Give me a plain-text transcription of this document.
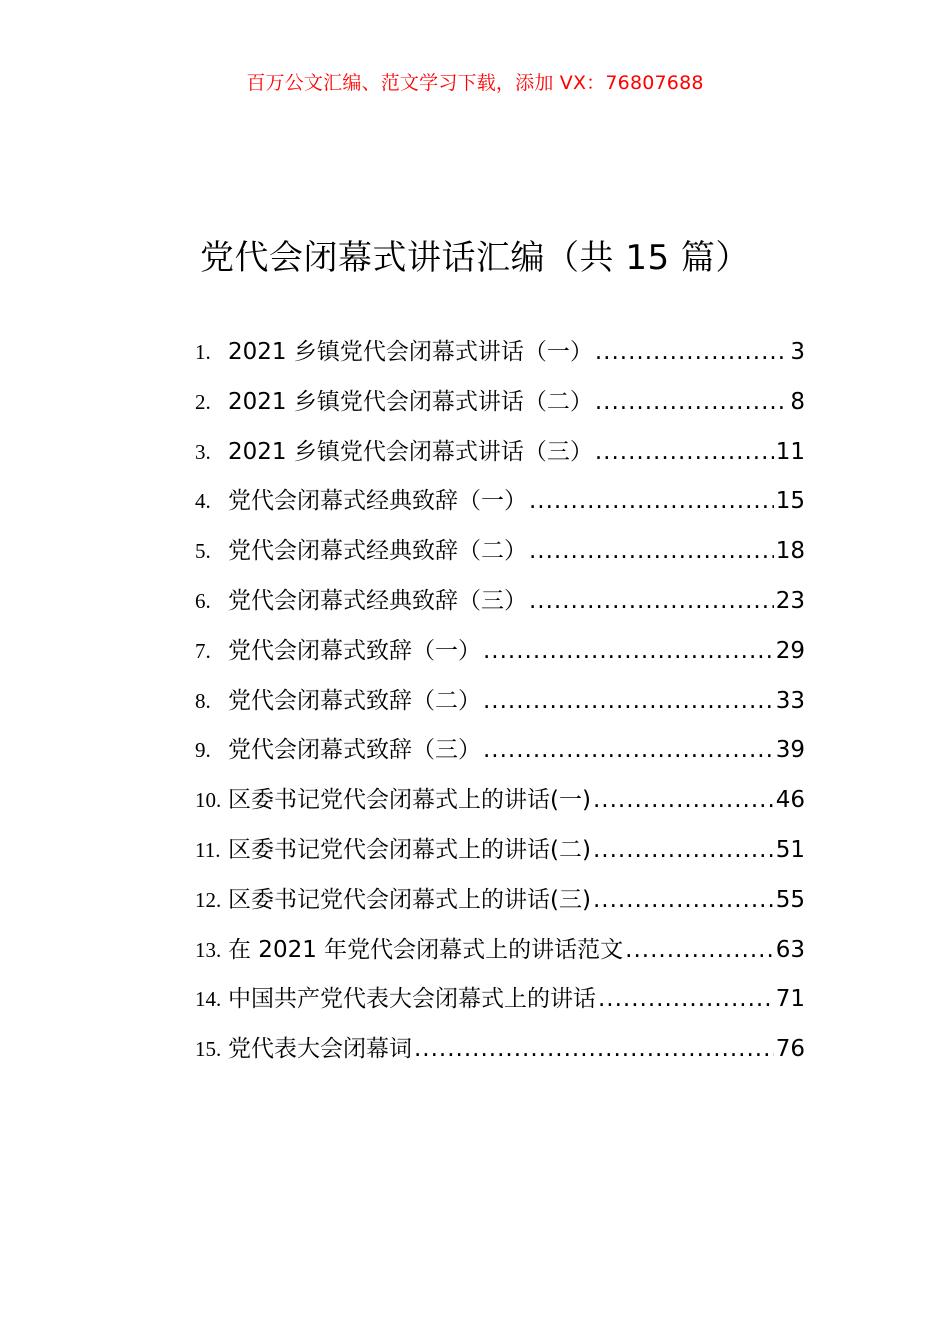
百万公文汇编、范文学习下载，添加 VX：76807688
党代会闭幕式讲话汇编（共 15 篇）
1. 2021 乡镇党代会闭幕式讲话（一） .....	3
2. 2021 乡镇党代会闭幕式讲话（二） .....	8
3. 2021 乡镇党代会闭幕式讲话（三） .....	11
4. 党代会闭幕式经典致辞（一） .....	15
5. 党代会闭幕式经典致辞（二） .....	18
6. 党代会闭幕式经典致辞（三） .....	23
7. 党代会闭幕式致辞（一） .....	29
8. 党代会闭幕式致辞（二） .....	33
9. 党代会闭幕式致辞（三） .....	39
10. 区委书记党代会闭幕式上的讲话(一) .....	46
11. 区委书记党代会闭幕式上的讲话(二) .....	51
12. 区委书记党代会闭幕式上的讲话(三) .....	55
13. 在 2021 年党代会闭幕式上的讲话范文 .....	63
14. 中国共产党代表大会闭幕式上的讲话 .....	71
15. 党代表大会闭幕词 .....	76
